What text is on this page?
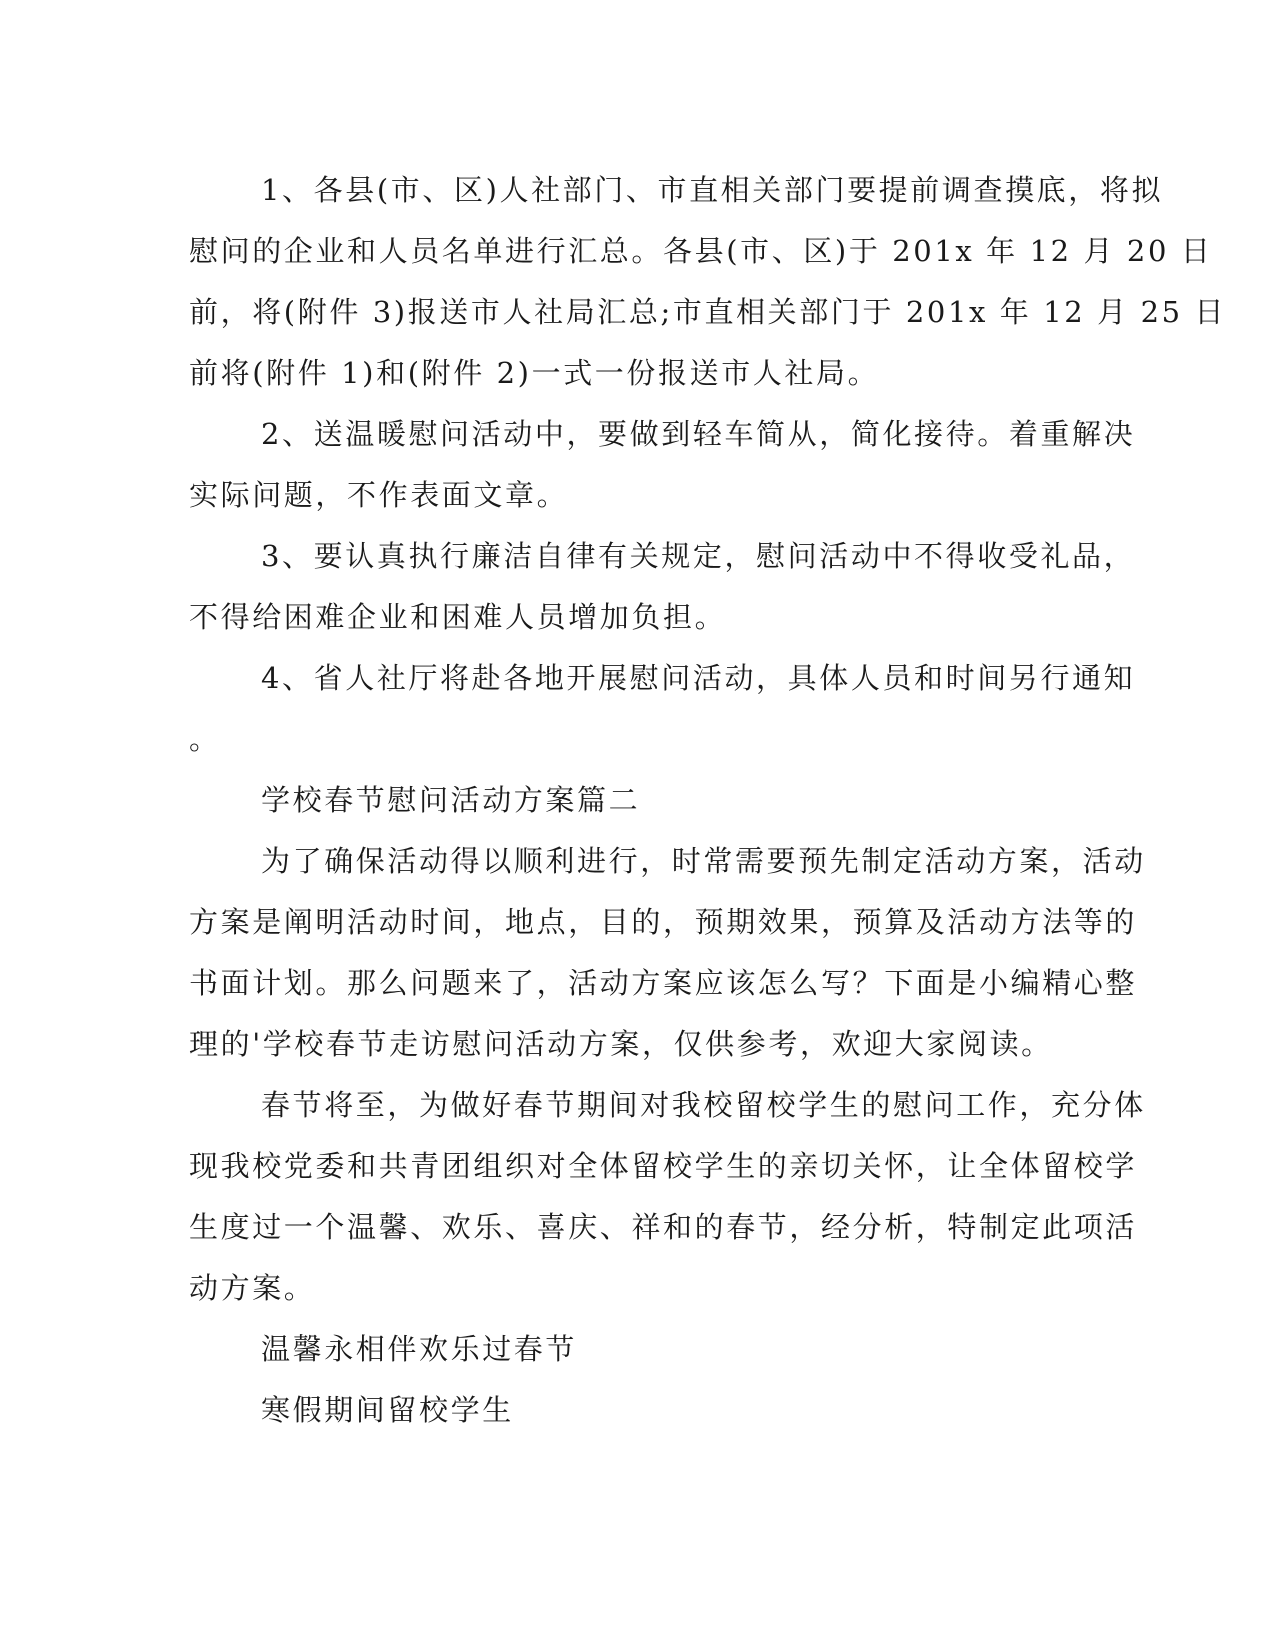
1、各县(市、区)人社部门、市直相关部门要提前调查摸底，将拟
慰问的企业和人员名单进行汇总。各县(市、区)于 201x 年 12 月 20 日
前，将(附件 3)报送市人社局汇总;市直相关部门于 201x 年 12 月 25 日
前将(附件 1)和(附件 2)一式一份报送市人社局。
2、送温暖慰问活动中，要做到轻车简从，简化接待。着重解决
实际问题，不作表面文章。
3、要认真执行廉洁自律有关规定，慰问活动中不得收受礼品，
不得给困难企业和困难人员增加负担。
4、省人社厅将赴各地开展慰问活动，具体人员和时间另行通知
。
学校春节慰问活动方案篇二
为了确保活动得以顺利进行，时常需要预先制定活动方案，活动
方案是阐明活动时间，地点，目的，预期效果，预算及活动方法等的
书面计划。那么问题来了，活动方案应该怎么写？下面是小编精心整
理的'学校春节走访慰问活动方案，仅供参考，欢迎大家阅读。
春节将至，为做好春节期间对我校留校学生的慰问工作，充分体
现我校党委和共青团组织对全体留校学生的亲切关怀，让全体留校学
生度过一个温馨、欢乐、喜庆、祥和的春节，经分析，特制定此项活
动方案。
温馨永相伴欢乐过春节
寒假期间留校学生
